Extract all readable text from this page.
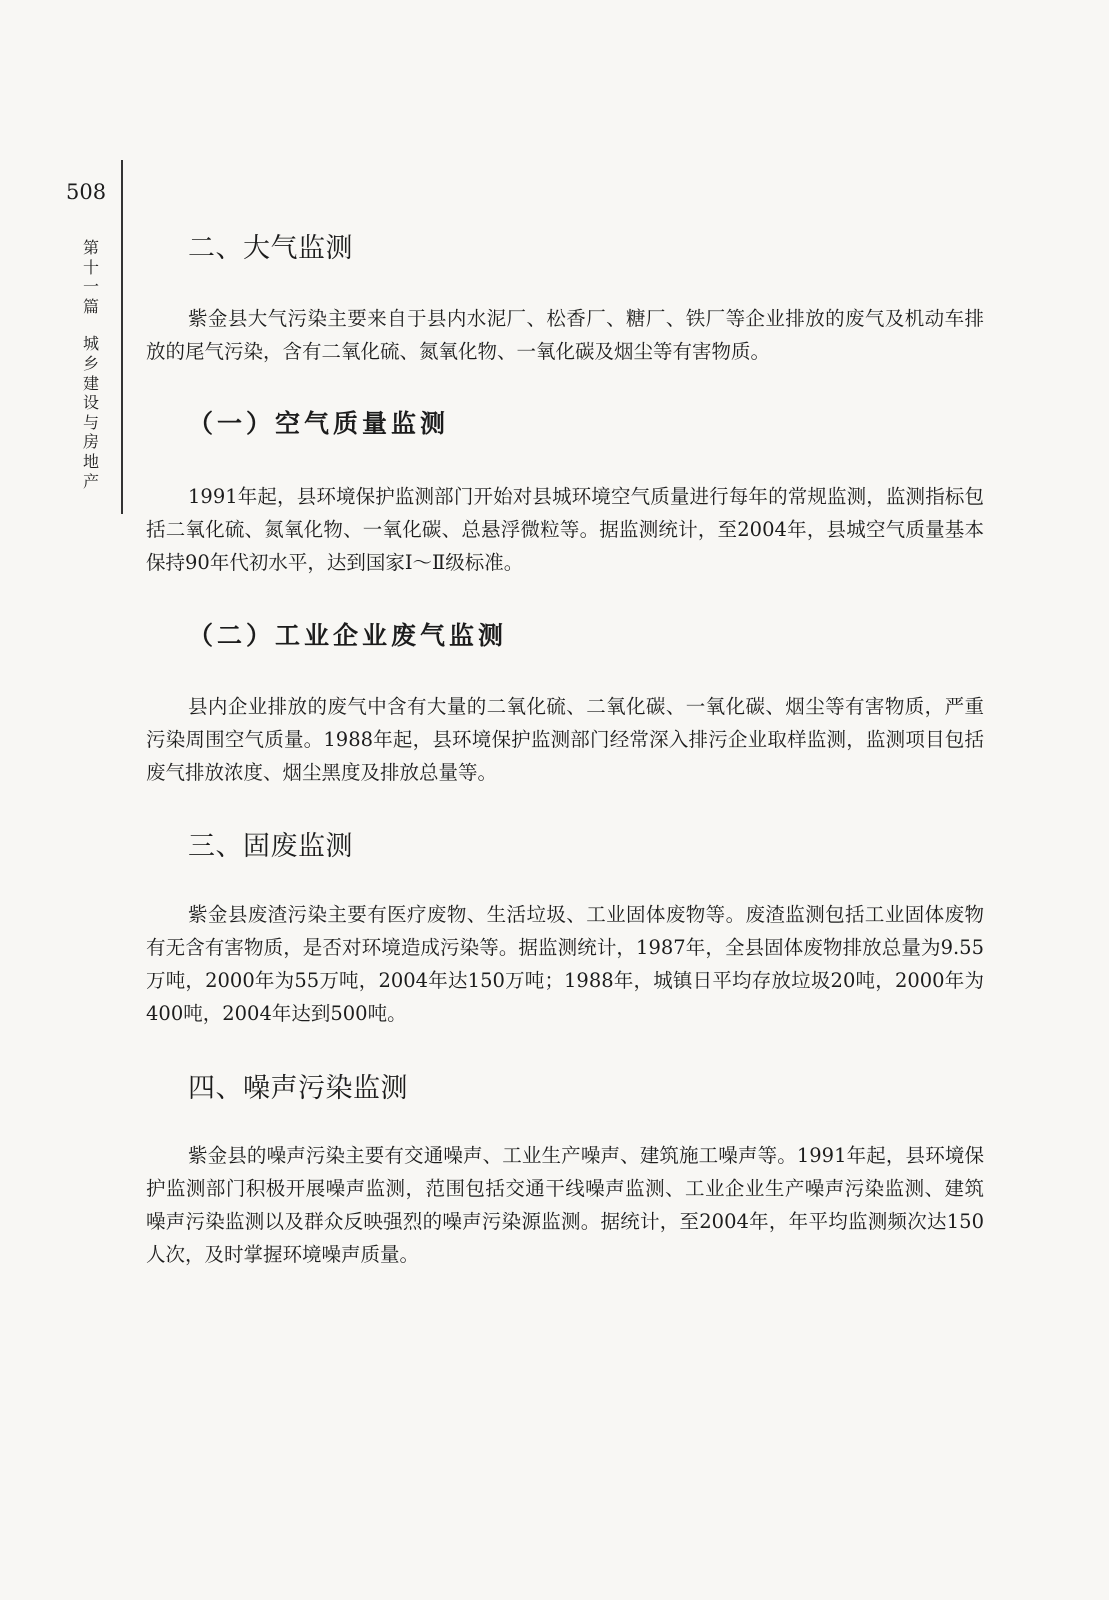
508
第
十
一
篇
城
乡
建
设
与
房
地
产
二、大气监测

紫金县大气污染主要来自于县内水泥厂、松香厂、糖厂、铁厂等企业排放的废气及机动车排放的尾气污染，含有二氧化硫、氮氧化物、一氧化碳及烟尘等有害物质。

（一）空气质量监测

1991年起，县环境保护监测部门开始对县城环境空气质量进行每年的常规监测，监测指标包括二氧化硫、氮氧化物、一氧化碳、总悬浮微粒等。据监测统计，至2004年，县城空气质量基本保持90年代初水平，达到国家Ⅰ～Ⅱ级标准。

（二）工业企业废气监测

县内企业排放的废气中含有大量的二氧化硫、二氧化碳、一氧化碳、烟尘等有害物质，严重污染周围空气质量。1988年起，县环境保护监测部门经常深入排污企业取样监测，监测项目包括废气排放浓度、烟尘黑度及排放总量等。

三、固废监测

紫金县废渣污染主要有医疗废物、生活垃圾、工业固体废物等。废渣监测包括工业固体废物有无含有害物质，是否对环境造成污染等。据监测统计，1987年，全县固体废物排放总量为9.55万吨，2000年为55万吨，2004年达150万吨；1988年，城镇日平均存放垃圾20吨，2000年为400吨，2004年达到500吨。

四、噪声污染监测

紫金县的噪声污染主要有交通噪声、工业生产噪声、建筑施工噪声等。1991年起，县环境保护监测部门积极开展噪声监测，范围包括交通干线噪声监测、工业企业生产噪声污染监测、建筑噪声污染监测以及群众反映强烈的噪声污染源监测。据统计，至2004年，年平均监测频次达150人次，及时掌握环境噪声质量。
